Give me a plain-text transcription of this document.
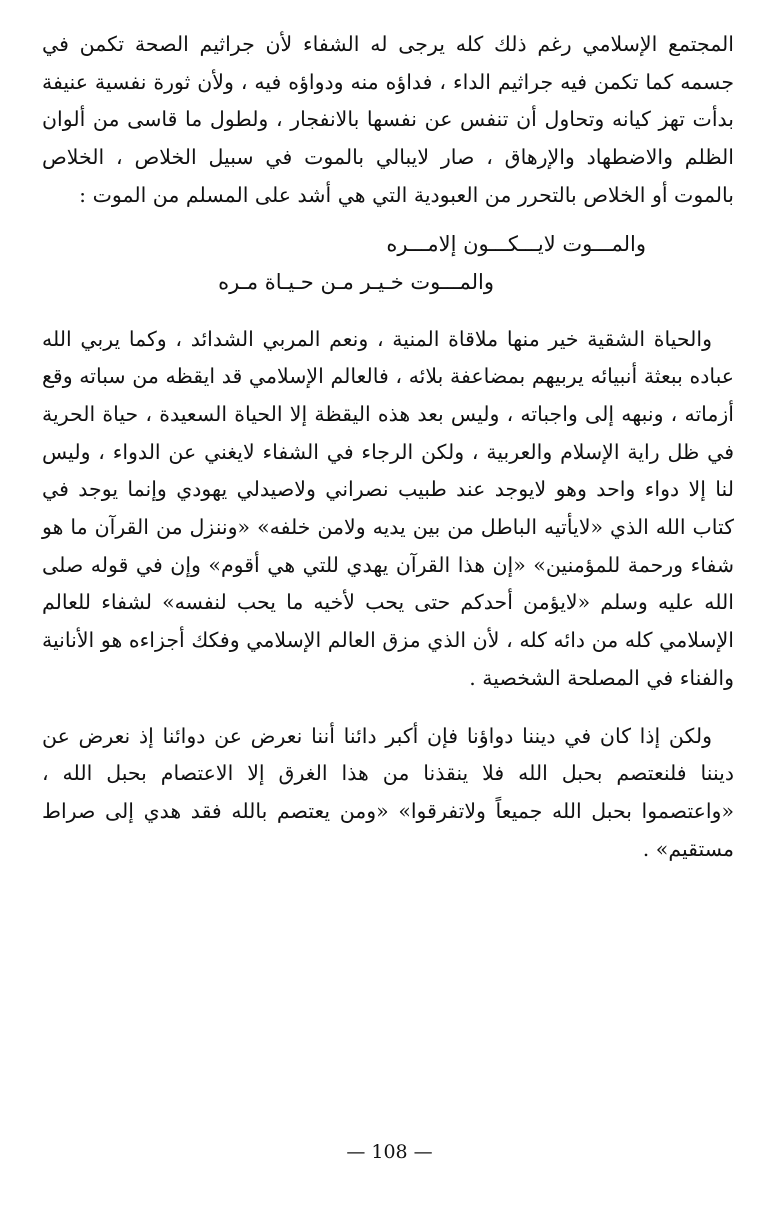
المجتمع الإسلامي رغم ذلك كله يرجى له الشفاء لأن جراثيم الصحة تكمن في جسمه كما تكمن فيه جراثيم الداء ، فداؤه منه ودواؤه فيه ، ولأن ثورة نفسية عنيفة بدأت تهز كيانه وتحاول أن تنفس عن نفسها بالانفجار ، ولطول ما قاسى من ألوان الظلم والاضطهاد والإرهاق ، صار لايبالي بالموت في سبيل الخلاص ، الخلاص بالموت أو الخلاص بالتحرر من العبودية التي هي أشد على المسلم من الموت :

والمـــوت لايـــكـــون إلامـــره
والمـــوت خـيـر مـن حـيـاة مـره

والحياة الشقية خير منها ملاقاة المنية ، ونعم المربي الشدائد ، وكما يربي الله عباده ببعثة أنبيائه يربيهم بمضاعفة بلائه ، فالعالم الإسلامي قد ايقظه من سباته وقع أزماته ، ونبهه إلى واجباته ، وليس بعد هذه اليقظة إلا الحياة السعيدة ، حياة الحرية في ظل راية الإسلام والعربية ، ولكن الرجاء في الشفاء لايغني عن الدواء ، وليس لنا إلا دواء واحد وهو لايوجد عند طبيب نصراني ولاصيدلي يهودي وإنما يوجد في كتاب الله الذي «لايأتيه الباطل من بين يديه ولامن خلفه» «وننزل من القرآن ما هو شفاء ورحمة للمؤمنين» «إن هذا القرآن يهدي للتي هي أقوم» وإن في قوله صلى الله عليه وسلم «لايؤمن أحدكم حتى يحب لأخيه ما يحب لنفسه» لشفاء للعالم الإسلامي كله من دائه كله ، لأن الذي مزق العالم الإسلامي وفكك أجزاءه هو الأنانية والفناء في المصلحة الشخصية .

ولكن إذا كان في ديننا دواؤنا فإن أكبر دائنا أننا نعرض عن دوائنا إذ نعرض عن ديننا فلنعتصم بحبل الله فلا ينقذنا من هذا الغرق إلا الاعتصام بحبل الله ، «واعتصموا بحبل الله جميعاً ولاتفرقوا» «ومن يعتصم بالله فقد هدي إلى صراط مستقيم» .

— 108 —
